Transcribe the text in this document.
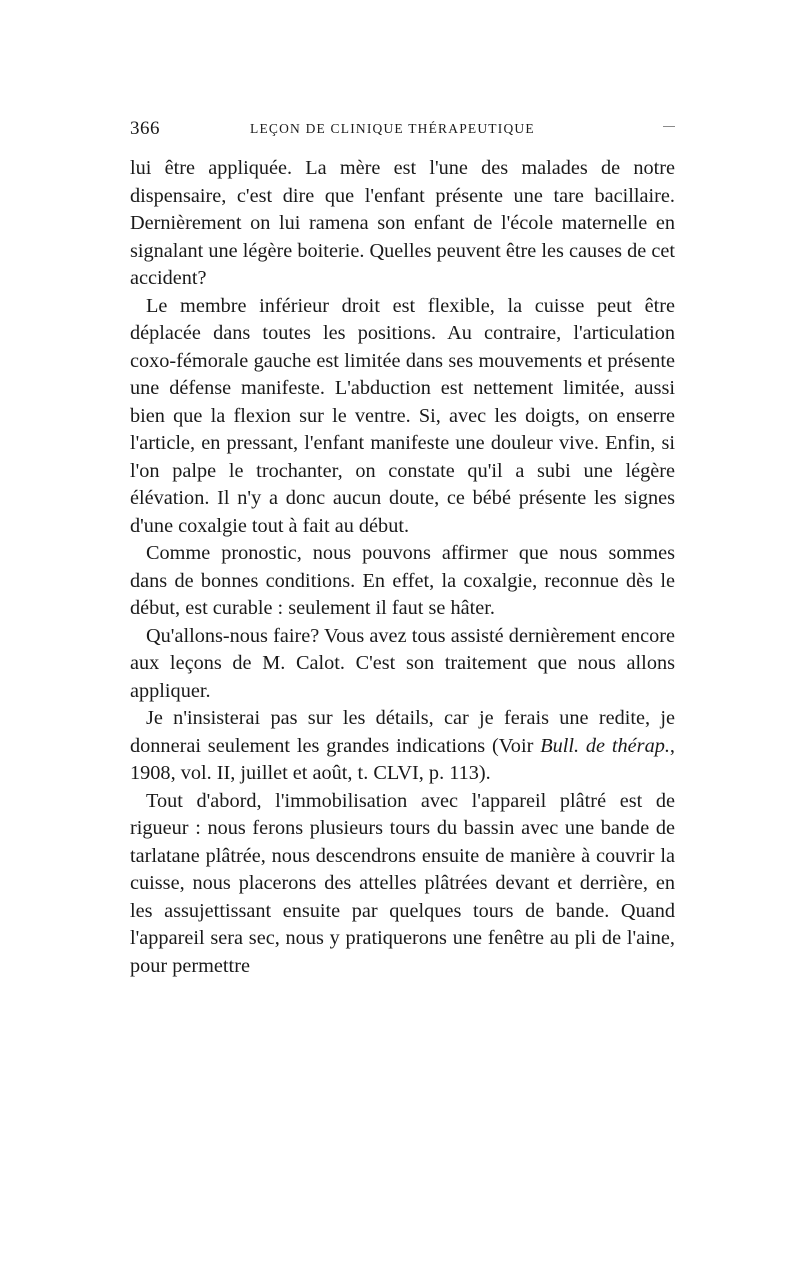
366	LEÇON DE CLINIQUE THÉRAPEUTIQUE

lui être appliquée. La mère est l'une des malades de notre dispensaire, c'est dire que l'enfant présente une tare bacillaire. Dernièrement on lui ramena son enfant de l'école maternelle en signalant une légère boiterie. Quelles peuvent être les causes de cet accident?

Le membre inférieur droit est flexible, la cuisse peut être déplacée dans toutes les positions. Au contraire, l'articulation coxo-fémorale gauche est limitée dans ses mouvements et présente une défense manifeste. L'abduction est nettement limitée, aussi bien que la flexion sur le ventre. Si, avec les doigts, on enserre l'article, en pressant, l'enfant manifeste une douleur vive. Enfin, si l'on palpe le trochanter, on constate qu'il a subi une légère élévation. Il n'y a donc aucun doute, ce bébé présente les signes d'une coxalgie tout à fait au début.

Comme pronostic, nous pouvons affirmer que nous sommes dans de bonnes conditions. En effet, la coxalgie, reconnue dès le début, est curable : seulement il faut se hâter.

Qu'allons-nous faire? Vous avez tous assisté dernièrement encore aux leçons de M. Calot. C'est son traitement que nous allons appliquer.

Je n'insisterai pas sur les détails, car je ferais une redite, je donnerai seulement les grandes indications (Voir Bull. de thérap., 1908, vol. II, juillet et août, t. CLVI, p. 113).

Tout d'abord, l'immobilisation avec l'appareil plâtré est de rigueur : nous ferons plusieurs tours du bassin avec une bande de tarlatane plâtrée, nous descendrons ensuite de manière à couvrir la cuisse, nous placerons des attelles plâtrées devant et derrière, en les assujettissant ensuite par quelques tours de bande. Quand l'appareil sera sec, nous y pratiquerons une fenêtre au pli de l'aine, pour permettre
